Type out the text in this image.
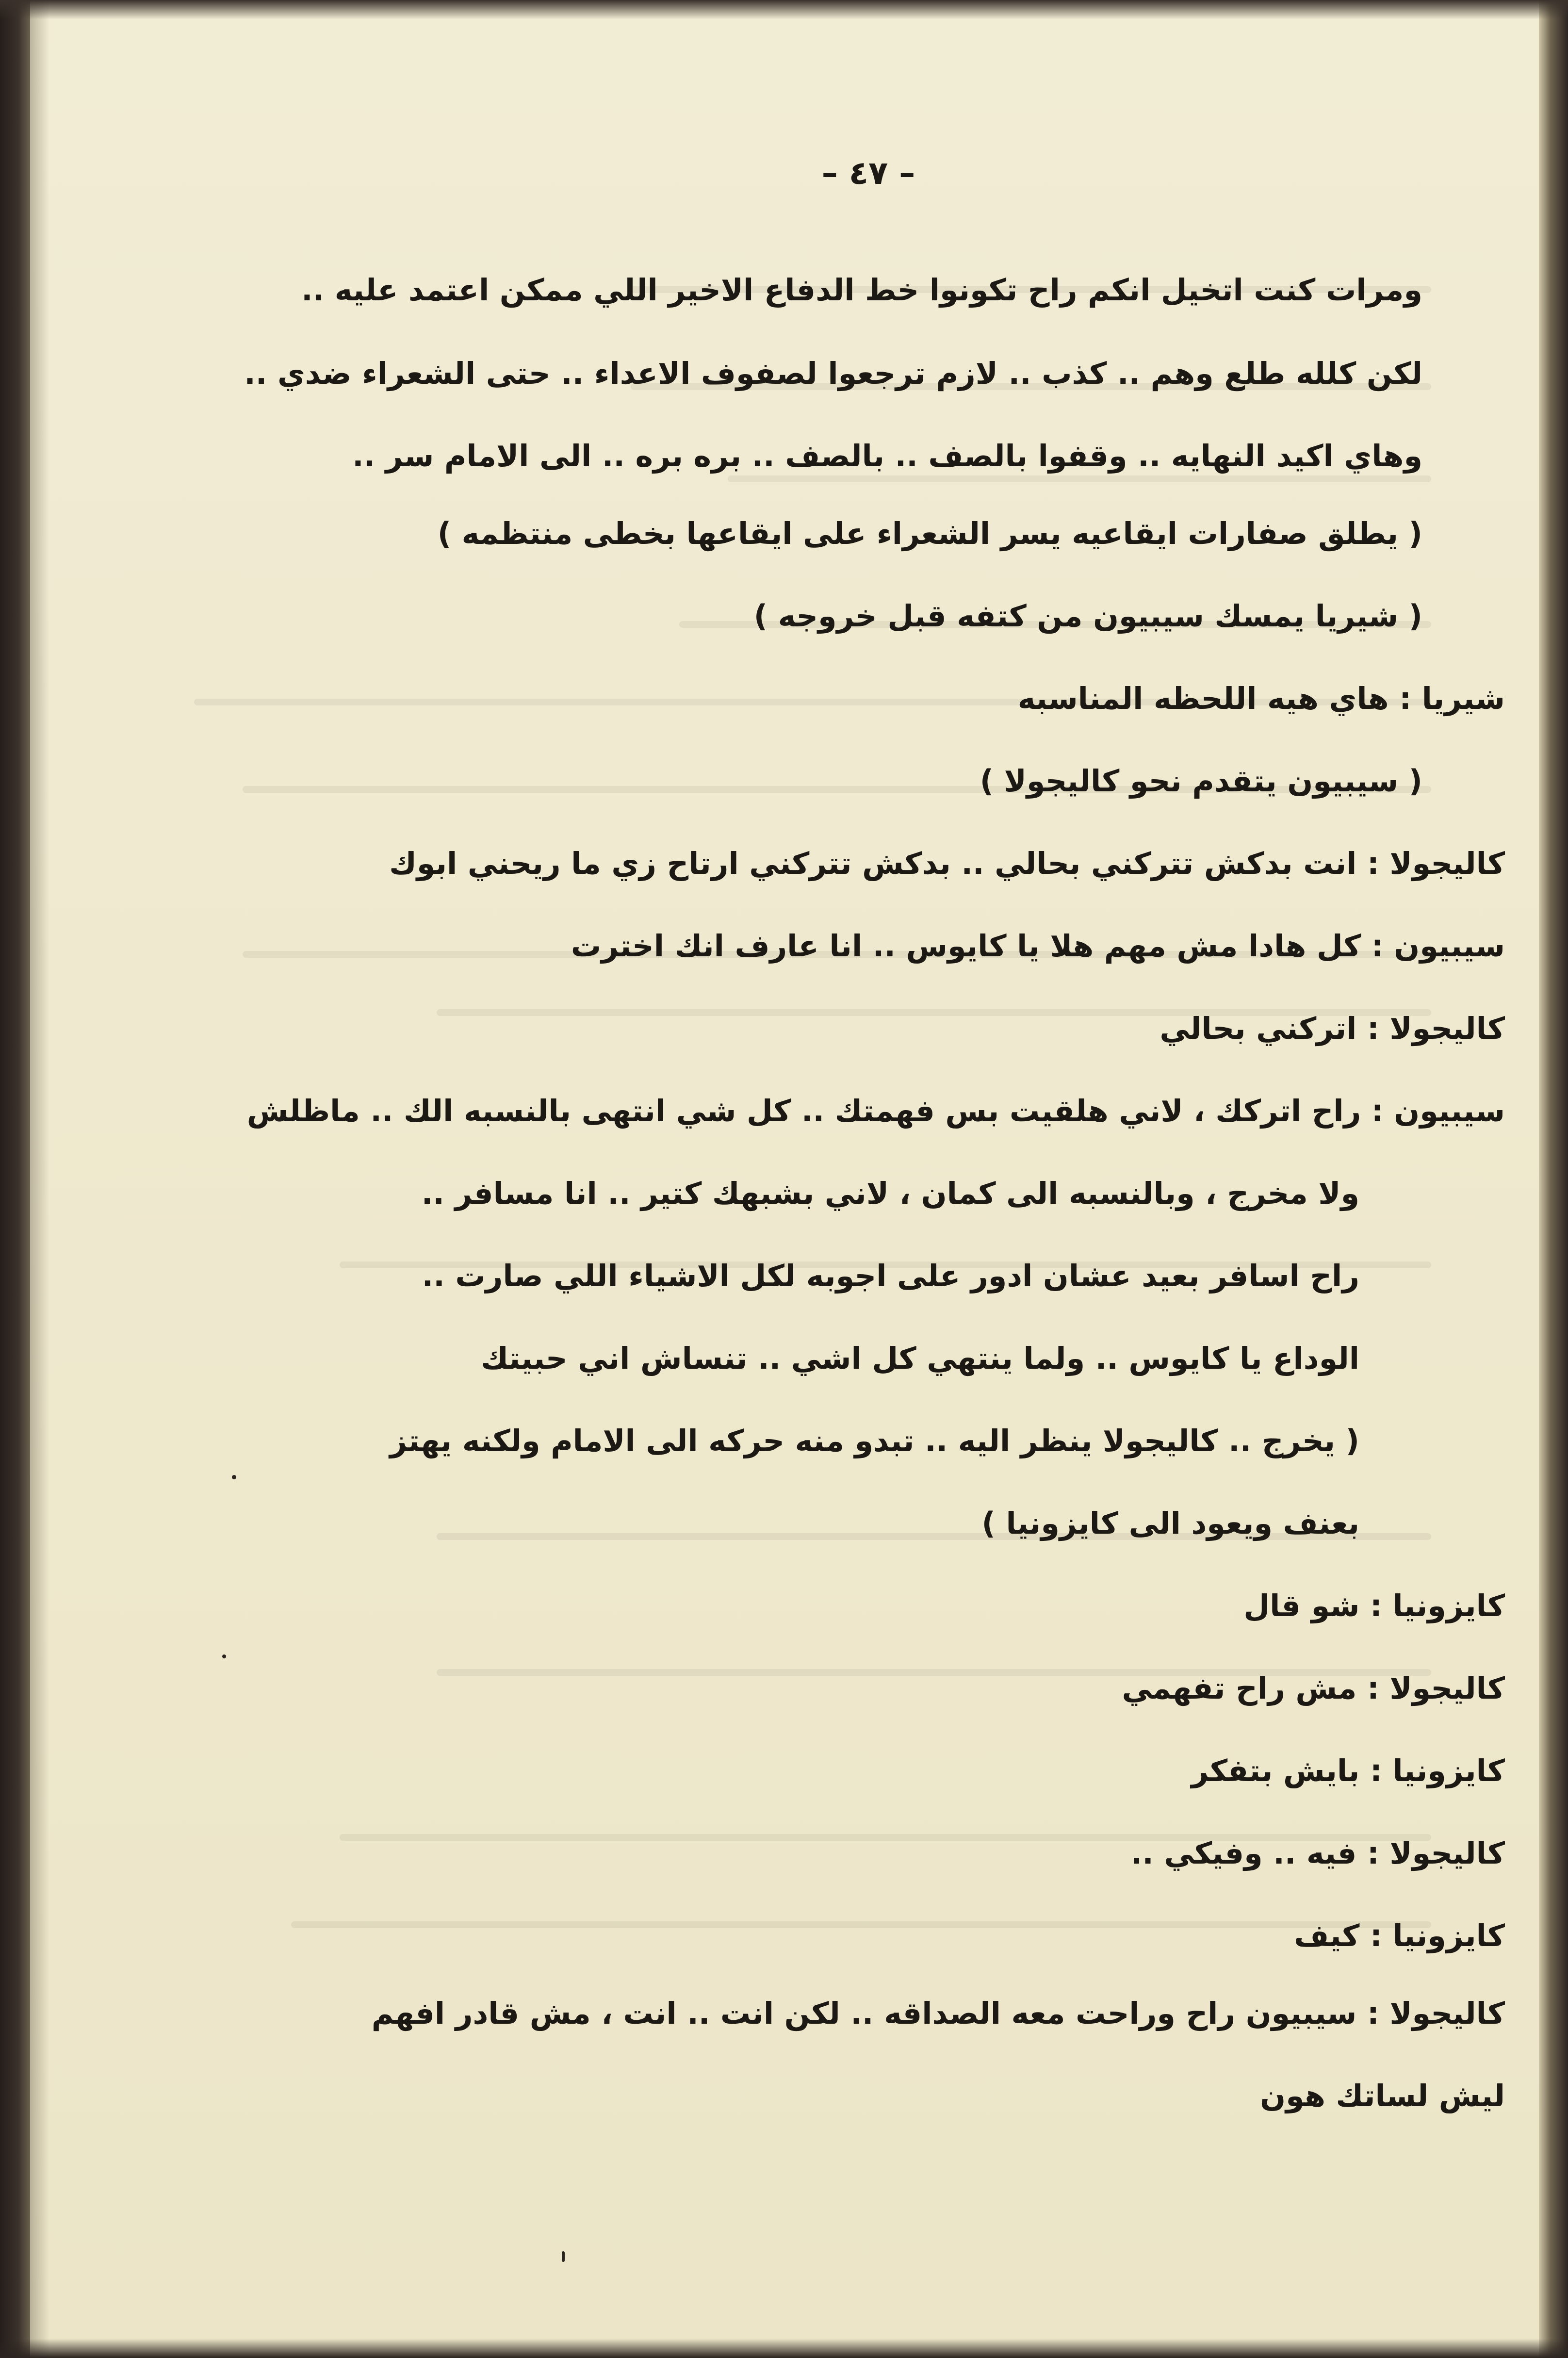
– ٤٧ –
ومرات كنت اتخيل انكم راح تكونوا خط الدفاع الاخير اللي ممكن اعتمد عليه ..
لكن كلله طلع وهم .. كذب .. لازم ترجعوا لصفوف الاعداء .. حتى الشعراء ضدي ..
وهاي اكيد النهايه .. وقفوا بالصف .. بالصف .. بره بره .. الى الامام سر ..
( يطلق صفارات ايقاعيه يسر الشعراء على ايقاعها بخطى منتظمه )
( شيريا يمسك سيبيون من كتفه قبل خروجه )
شيريا : هاي هيه اللحظه المناسبه
( سيبيون يتقدم نحو كاليجولا )
كاليجولا : انت بدكش تتركني بحالي .. بدكش تتركني ارتاح زي ما ريحني ابوك
سيبيون : كل هادا مش مهم هلا يا كايوس .. انا عارف انك اخترت
كاليجولا : اتركني بحالي
سيبيون : راح اتركك ، لاني هلقيت بس فهمتك .. كل شي انتهى بالنسبه الك .. ماظلش
ولا مخرج ، وبالنسبه الى كمان ، لاني بشبهك كتير .. انا مسافر ..
راح اسافر بعيد عشان ادور على اجوبه لكل الاشياء اللي صارت ..
الوداع يا كايوس .. ولما ينتهي كل اشي .. تنساش اني حبيتك
( يخرج .. كاليجولا ينظر اليه .. تبدو منه حركه الى الامام ولكنه يهتز
بعنف ويعود الى كايزونيا )
كايزونيا : شو قال
كاليجولا : مش راح تفهمي
كايزونيا : بايش بتفكر
كاليجولا : فيه .. وفيكي ..
كايزونيا : كيف
كاليجولا : سيبيون راح وراحت معه الصداقه .. لكن انت .. انت ، مش قادر افهم
ليش لساتك هون
